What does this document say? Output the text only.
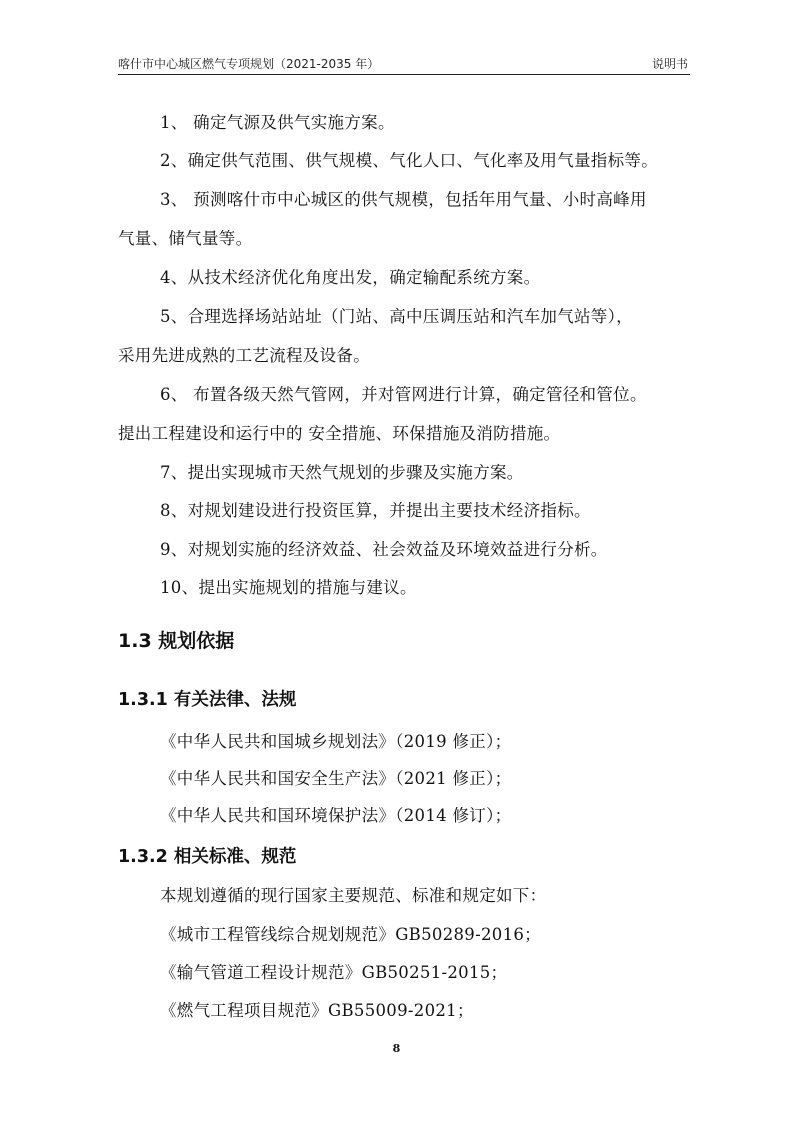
喀什市中心城区燃气专项规划（2021-2035 年）	说明书
1、 确定气源及供气实施方案。
2、确定供气范围、供气规模、气化人口、气化率及用气量指标等。
3、 预测喀什市中心城区的供气规模，包括年用气量、小时高峰用
气量、储气量等。
4、从技术经济优化角度出发，确定输配系统方案。
5、合理选择场站站址（门站、高中压调压站和汽车加气站等），
采用先进成熟的工艺流程及设备。
6、 布置各级天然气管网，并对管网进行计算，确定管径和管位。
提出工程建设和运行中的 安全措施、环保措施及消防措施。
7、提出实现城市天然气规划的步骤及实施方案。
8、对规划建设进行投资匡算，并提出主要技术经济指标。
9、对规划实施的经济效益、社会效益及环境效益进行分析。
10、提出实施规划的措施与建议。
1.3 规划依据
1.3.1 有关法律、法规
《中华人民共和国城乡规划法》（2019 修正）；
《中华人民共和国安全生产法》（2021 修正）；
《中华人民共和国环境保护法》（2014 修订）；
1.3.2 相关标准、规范
本规划遵循的现行国家主要规范、标准和规定如下：
《城市工程管线综合规划规范》GB50289-2016；
《输气管道工程设计规范》GB50251-2015；
《燃气工程项目规范》GB55009-2021；
8
